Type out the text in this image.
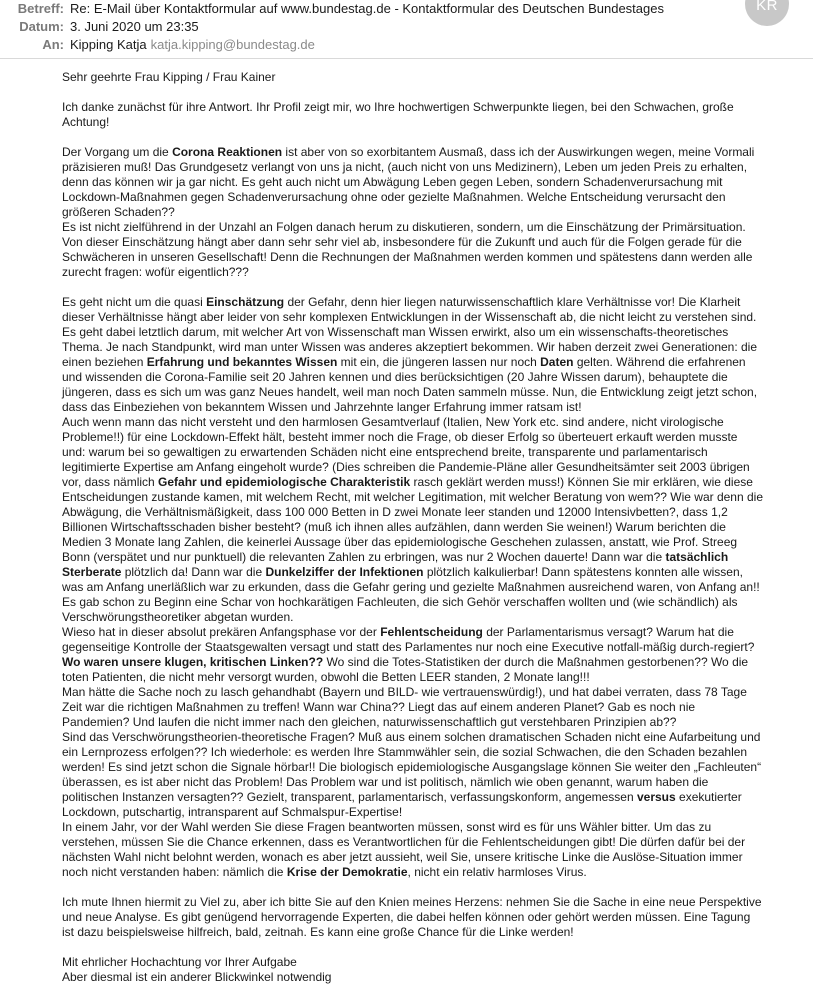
Betreff: Re: E-Mail über Kontaktformular auf www.bundestag.de - Kontaktformular des Deutschen Bundestages
Datum: 3. Juni 2020 um 23:35
An: Kipping Katja katja.kipping@bundestag.de
KR
Sehr geehrte Frau Kipping / Frau Kainer
Ich danke zunächst für ihre Antwort. Ihr Profil zeigt mir, wo Ihre hochwertigen Schwerpunkte liegen, bei den Schwachen, große
Achtung!
Der Vorgang um die Corona Reaktionen ist aber von so exorbitantem Ausmaß, dass ich der Auswirkungen wegen, meine Vormali
präzisieren muß! Das Grundgesetz verlangt von uns ja nicht, (auch nicht von uns Medizinern), Leben um jeden Preis zu erhalten,
denn das können wir ja gar nicht. Es geht auch nicht um Abwägung Leben gegen Leben, sondern Schadenverursachung mit
Lockdown-Maßnahmen gegen Schadenverursachung ohne oder gezielte Maßnahmen. Welche Entscheidung verursacht den
größeren Schaden??
Es ist nicht zielführend in der Unzahl an Folgen danach herum zu diskutieren, sondern, um die Einschätzung der Primärsituation.
Von dieser Einschätzung hängt aber dann sehr sehr viel ab, insbesondere für die Zukunft und auch für die Folgen gerade für die
Schwächeren in unseren Gesellschaft! Denn die Rechnungen der Maßnahmen werden kommen und spätestens dann werden alle
zurecht fragen: wofür eigentlich???
Es geht nicht um die quasi Einschätzung der Gefahr, denn hier liegen naturwissenschaftlich klare Verhältnisse vor! Die Klarheit
dieser Verhältnisse hängt aber leider von sehr komplexen Entwicklungen in der Wissenschaft ab, die nicht leicht zu verstehen sind.
Es geht dabei letztlich darum, mit welcher Art von Wissenschaft man Wissen erwirkt, also um ein wissenschafts-theoretisches
Thema. Je nach Standpunkt, wird man unter Wissen was anderes akzeptiert bekommen. Wir haben derzeit zwei Generationen: die
einen beziehen Erfahrung und bekanntes Wissen mit ein, die jüngeren lassen nur noch Daten gelten. Während die erfahrenen
und wissenden die Corona-Familie seit 20 Jahren kennen und dies berücksichtigen (20 Jahre Wissen darum), behauptete die
jüngeren, dass es sich um was ganz Neues handelt, weil man noch Daten sammeln müsse. Nun, die Entwicklung zeigt jetzt schon,
dass das Einbeziehen von bekanntem Wissen und Jahrzehnte langer Erfahrung immer ratsam ist!
Auch wenn mann das nicht versteht und den harmlosen Gesamtverlauf (Italien, New York etc. sind andere, nicht virologische
Probleme!!) für eine Lockdown-Effekt hält, besteht immer noch die Frage, ob dieser Erfolg so überteuert erkauft werden musste
und: warum bei so gewaltigen zu erwartenden Schäden nicht eine entsprechend breite, transparente und parlamentarisch
legitimierte Expertise am Anfang eingeholt wurde? (Dies schreiben die Pandemie-Pläne aller Gesundheitsämter seit 2003 übrigen
vor, dass nämlich Gefahr und epidemiologische Charakteristik rasch geklärt werden muss!) Können Sie mir erklären, wie diese
Entscheidungen zustande kamen, mit welchem Recht, mit welcher Legitimation, mit welcher Beratung von wem?? Wie war denn die
Abwägung, die Verhältnismäßigkeit, dass 100 000 Betten in D zwei Monate leer standen und 12000 Intensivbetten?, dass 1,2
Billionen Wirtschaftsschaden bisher besteht? (muß ich ihnen alles aufzählen, dann werden Sie weinen!) Warum berichten die
Medien 3 Monate lang Zahlen, die keinerlei Aussage über das epidemiologische Geschehen zulassen, anstatt, wie Prof. Streeg
Bonn (verspätet und nur punktuell) die relevanten Zahlen zu erbringen, was nur 2 Wochen dauerte! Dann war die tatsächlich
Sterberate plötzlich da! Dann war die Dunkelziffer der Infektionen plötzlich kalkulierbar! Dann spätestens konnten alle wissen,
was am Anfang unerläßlich war zu erkunden, dass die Gefahr gering und gezielte Maßnahmen ausreichend waren, von Anfang an!!
Es gab schon zu Beginn eine Schar von hochkarätigen Fachleuten, die sich Gehör verschaffen wollten und (wie schändlich) als
Verschwörungstheoretiker abgetan wurden.
Wieso hat in dieser absolut prekären Anfangsphase vor der Fehlentscheidung der Parlamentarismus versagt? Warum hat die
gegenseitige Kontrolle der Staatsgewalten versagt und statt des Parlamentes nur noch eine Executive notfall-mäßig durch-regiert?
Wo waren unsere klugen, kritischen Linken?? Wo sind die Totes-Statistiken der durch die Maßnahmen gestorbenen?? Wo die
toten Patienten, die nicht mehr versorgt wurden, obwohl die Betten LEER standen, 2 Monate lang!!!
Man hätte die Sache noch zu lasch gehandhabt (Bayern und BILD- wie vertrauenswürdig!), und hat dabei verraten, dass 78 Tage
Zeit war die richtigen Maßnahmen zu treffen! Wann war China?? Liegt das auf einem anderen Planet? Gab es noch nie
Pandemien? Und laufen die nicht immer nach den gleichen, naturwissenschaftlich gut verstehbaren Prinzipien ab??
Sind das Verschwörungstheorien-theoretische Fragen? Muß aus einem solchen dramatischen Schaden nicht eine Aufarbeitung und
ein Lernprozess erfolgen?? Ich wiederhole: es werden Ihre Stammwähler sein, die sozial Schwachen, die den Schaden bezahlen
werden! Es sind jetzt schon die Signale hörbar!! Die biologisch epidemiologische Ausgangslage können Sie weiter den „Fachleuten“
überassen, es ist aber nicht das Problem! Das Problem war und ist politisch, nämlich wie oben genannt, warum haben die
politischen Instanzen versagten?? Gezielt, transparent, parlamentarisch, verfassungskonform, angemessen versus exekutierter
Lockdown, putschartig, intransparent auf Schmalspur-Expertise!
In einem Jahr, vor der Wahl werden Sie diese Fragen beantworten müssen, sonst wird es für uns Wähler bitter. Um das zu
verstehen, müssen Sie die Chance erkennen, dass es Verantwortlichen für die Fehlentscheidungen gibt! Die dürfen dafür bei der
nächsten Wahl nicht belohnt werden, wonach es aber jetzt aussieht, weil Sie, unsere kritische Linke die Auslöse-Situation immer
noch nicht verstanden haben: nämlich die Krise der Demokratie, nicht ein relativ harmloses Virus.
Ich mute Ihnen hiermit zu Viel zu, aber ich bitte Sie auf den Knien meines Herzens: nehmen Sie die Sache in eine neue Perspektive
und neue Analyse. Es gibt genügend hervorragende Experten, die dabei helfen können oder gehört werden müssen. Eine Tagung
ist dazu beispielsweise hilfreich, bald, zeitnah. Es kann eine große Chance für die Linke werden!
Mit ehrlicher Hochachtung vor Ihrer Aufgabe
Aber diesmal ist ein anderer Blickwinkel notwendig
